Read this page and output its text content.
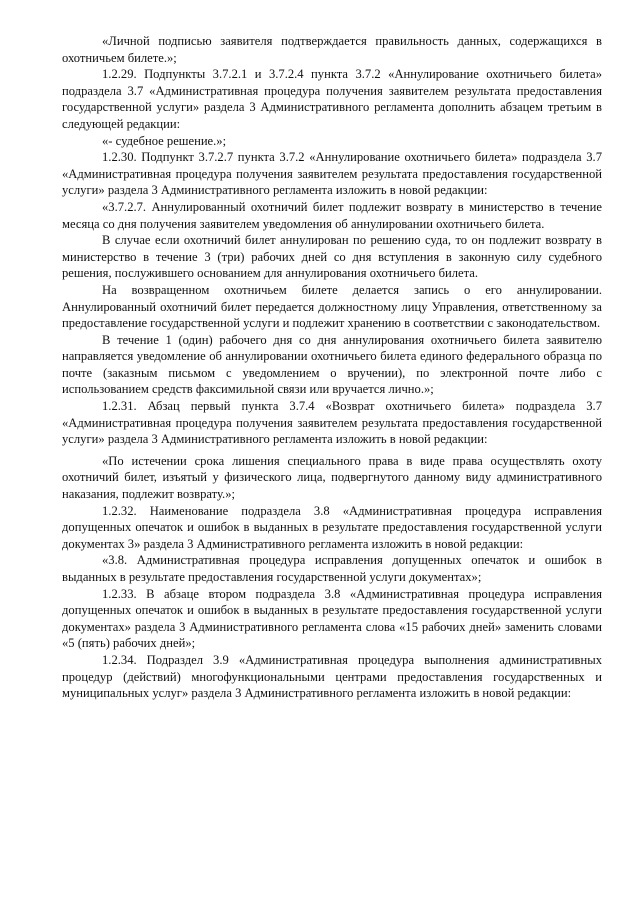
«Личной подписью заявителя подтверждается правильность данных, содержащихся в охотничьем билете.»;

1.2.29. Подпункты 3.7.2.1 и 3.7.2.4 пункта 3.7.2 «Аннулирование охотничьего билета» подраздела 3.7 «Административная процедура получения заявителем результата предоставления государственной услуги» раздела 3 Административного регламента дополнить абзацем третьим в следующей редакции:

«- судебное решение.»;

1.2.30. Подпункт 3.7.2.7 пункта 3.7.2 «Аннулирование охотничьего билета» подраздела 3.7 «Административная процедура получения заявителем результата предоставления государственной услуги» раздела 3 Административного регламента изложить в новой редакции:

«3.7.2.7. Аннулированный охотничий билет подлежит возврату в министерство в течение месяца со дня получения заявителем уведомления об аннулировании охотничьего билета.

В случае если охотничий билет аннулирован по решению суда, то он подлежит возврату в министерство в течение 3 (три) рабочих дней со дня вступления в законную силу судебного решения, послужившего основанием для аннулирования охотничьего билета.

На возвращенном охотничьем билете делается запись о его аннулировании. Аннулированный охотничий билет передается должностному лицу Управления, ответственному за предоставление государственной услуги и подлежит хранению в соответствии с законодательством.

В течение 1 (один) рабочего дня со дня аннулирования охотничьего билета заявителю направляется уведомление об аннулировании охотничьего билета единого федерального образца по почте (заказным письмом с уведомлением о вручении), по электронной почте либо с использованием средств факсимильной связи или вручается лично.»;

1.2.31. Абзац первый пункта 3.7.4 «Возврат охотничьего билета» подраздела 3.7 «Административная процедура получения заявителем результата предоставления государственной услуги» раздела 3 Административного регламента изложить в новой редакции:

«По истечении срока лишения специального права в виде права осуществлять охоту охотничий билет, изъятый у физического лица, подвергнутого данному виду административного наказания, подлежит возврату.»;

1.2.32. Наименование подраздела 3.8 «Административная процедура исправления допущенных опечаток и ошибок в выданных в результате предоставления государственной услуги документах 3» раздела 3 Административного регламента изложить в новой редакции:

«3.8. Административная процедура исправления допущенных опечаток и ошибок в выданных в результате предоставления государственной услуги документах»;

1.2.33. В абзаце втором подраздела 3.8 «Административная процедура исправления допущенных опечаток и ошибок в выданных в результате предоставления государственной услуги документах» раздела 3 Административного регламента слова «15 рабочих дней» заменить словами «5 (пять) рабочих дней»;

1.2.34. Подраздел 3.9 «Административная процедура выполнения административных процедур (действий) многофункциональными центрами предоставления государственных и муниципальных услуг» раздела 3 Административного регламента изложить в новой редакции:
